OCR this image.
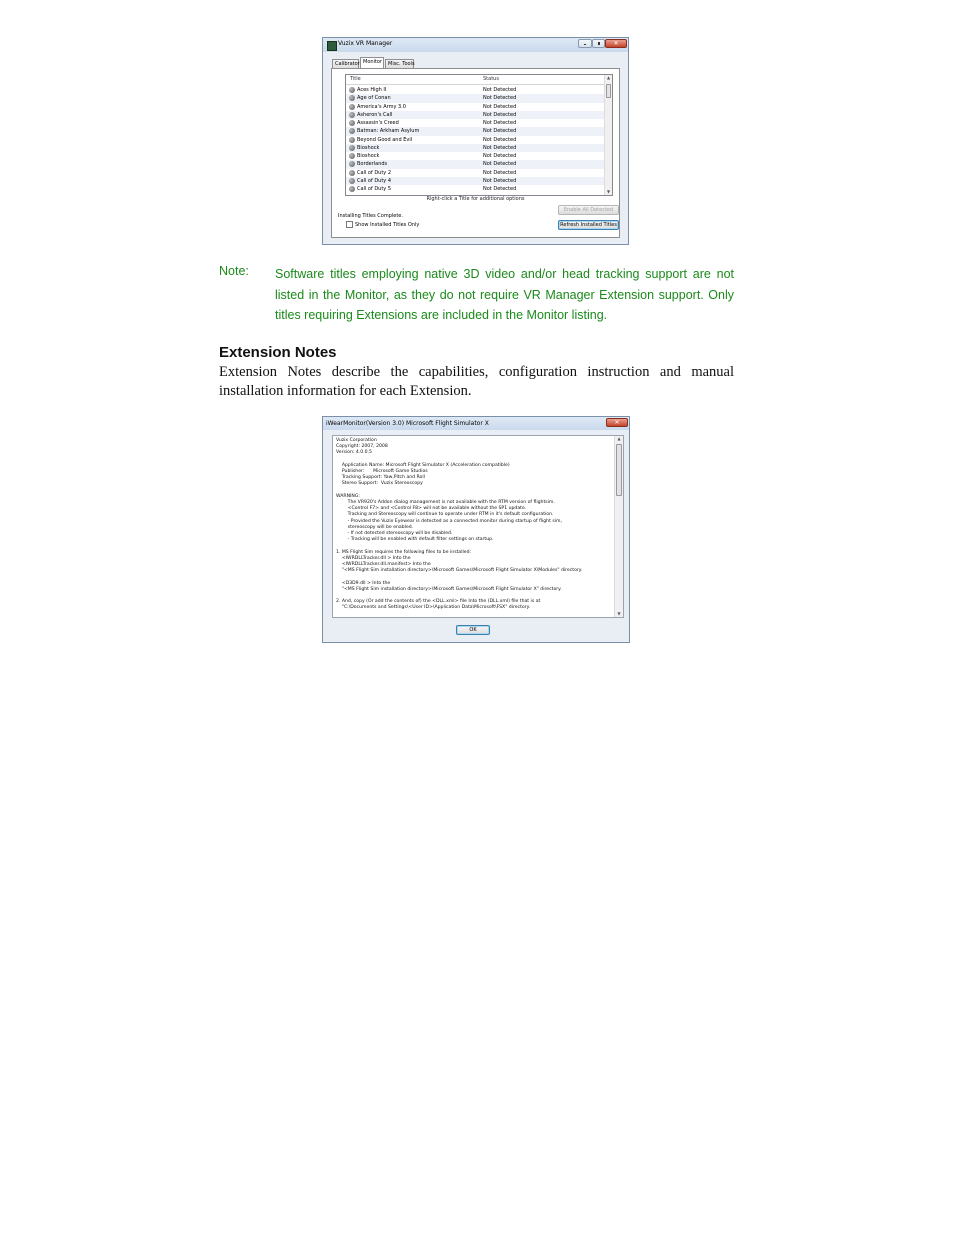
Vuzix VR Manager	✕
Calibrator Monitor	Misc. Tools
Title	Status
Aces High II	Not Detected
Age of Conan	Not Detected
America's Army 3.0	Not Detected
Asheron's Call	Not Detected
Assassin's Creed	Not Detected
Batman: Arkham Asylum	Not Detected
Beyond Good and Evil	Not Detected
Bioshock	Not Detected
Bioshock	Not Detected
Borderlands	Not Detected
Call of Duty 2	Not Detected
Call of Duty 4	Not Detected
Call of Duty 5	Not Detected
▲
▼
Right-click a Title for additional options
Installing Titles Complete.
Show Installed Titles Only
Enable All Detected
Refresh Installed Titles
Note: Software titles employing native 3D video and/or head tracking support are not listed in the Monitor, as they do not require VR Manager Extension support. Only titles requiring Extensions are included in the Monitor listing.
Extension Notes
Extension Notes describe the capabilities, configuration instruction and manual installation information for each Extension.
iWearMonitor(Version 3.0) Microsoft Flight Simulator X	✕
Vuzix Corporation
Copyright: 2007, 2008
Version: 4.0.0.5

Application Name: Microsoft Flight Simulator X (Acceleration compatible)
Publisher:      Microsoft Game Studios
Tracking Support: Yaw,Pitch and Roll
Stereo Support:  Vuzix Stereoscopy

WARNING:
The VR920's Addon dialog management is not available with the RTM version of flightsim.
<Control F7> and <Control F8> will not be available without the SP1 update.
Tracking and Stereoscopy will continue to operate under RTM in it's default configuration.
- Provided the Vuzix Eyewear is detected as a connected monitor during startup of flight sim,
stereoscopy will be enabled.
- If not detected stereoscopy will be disabled.
- Tracking will be enabled with default filter settings on startup.

1. MS Flight Sim requires the following files to be installed:
<IWRDLLTracker.dll > Into the
<IWRDLLTracker.dll.manifest> Into the
"<MS Flight Sim installation directory>\Microsoft Games\Microsoft Flight Simulator X\Modules" directory.

<D3D9.dll > Into the
"<MS Flight Sim installation directory>\Microsoft Games\Microsoft Flight Simulator X" directory.

2. And, copy (Or add the contents of) the <DLL.xml> file Into the (DLL.xml) file that is at
"C:\Documents and Settings\<User ID>\Application Data\Microsoft\FSX" directory.
▲
▼
OK
